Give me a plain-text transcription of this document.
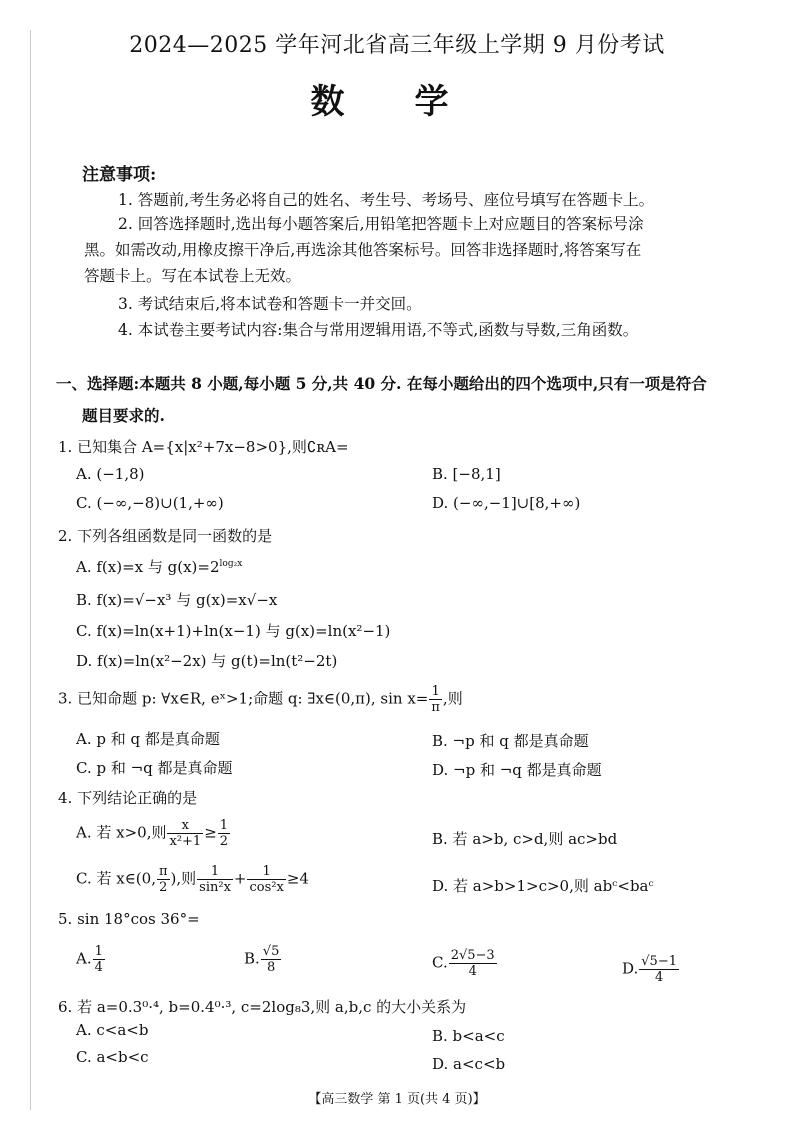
2024—2025 学年河北省高三年级上学期 9 月份考试
数学
注意事项:
1. 答题前,考生务必将自己的姓名、考生号、考场号、座位号填写在答题卡上。
2. 回答选择题时,选出每小题答案后,用铅笔把答题卡上对应题目的答案标号涂
黑。如需改动,用橡皮擦干净后,再选涂其他答案标号。回答非选择题时,将答案写在
答题卡上。写在本试卷上无效。
3. 考试结束后,将本试卷和答题卡一并交回。
4. 本试卷主要考试内容:集合与常用逻辑用语,不等式,函数与导数,三角函数。
一、选择题:本题共 8 小题,每小题 5 分,共 40 分. 在每小题给出的四个选项中,只有一项是符合
题目要求的.
1. 已知集合 A={x|x²+7x−8>0},则∁ʀA=
A. (−1,8)	B. [−8,1]
C. (−∞,−8)∪(1,+∞)	D. (−∞,−1]∪[8,+∞)
2. 下列各组函数是同一函数的是
A. f(x)=x 与 $g(x)=2^{log_2x}$
B. f(x)=√−x³ 与 g(x)=x√−x
C. f(x)=ln(x+1)+ln(x−1) 与 g(x)=ln(x²−1)
D. f(x)=ln(x²−2x) 与 g(t)=ln(t²−2t)
3. 已知命题 p: ∀x∈R, eˣ>1;命题 q: ∃x∈(0,π), $\sin x= \frac{1}{\pi}$ ,则
A. p 和 q 都是真命题	B. ¬p 和 q 都是真命题
C. p 和 ¬q 都是真命题	D. ¬p 和 ¬q 都是真命题
4. 下列结论正确的是
A. 若 x>0,则 $\frac{x}{\text{x²+1}} \ge \frac{1}{2}$	B. 若 a>b, c>d,则 ac>bd
C. 若 x∈(0, $\frac{\pi}{2}$ ),则 $\frac{1}{\text{sin²x}} + \frac{1}{\text{cos²x}} \ge 4$	D. 若 a>b>1>c>0,则 abᶜ<baᶜ
5. sin 18°cos 36°=
A. $\frac{1}{4}$	B. $\frac{√5}{8}$	C. $\frac{2√5-3}{4}$	D. $\frac{√5-1}{4}$
6. 若 a=0.3⁰·⁴, b=0.4⁰·³, c=2log₈3,则 a,b,c 的大小关系为
A. c<a<b	B. b<a<c
C. a<b<c	D. a<c<b
【高三数学 第 1 页(共 4 页)】
